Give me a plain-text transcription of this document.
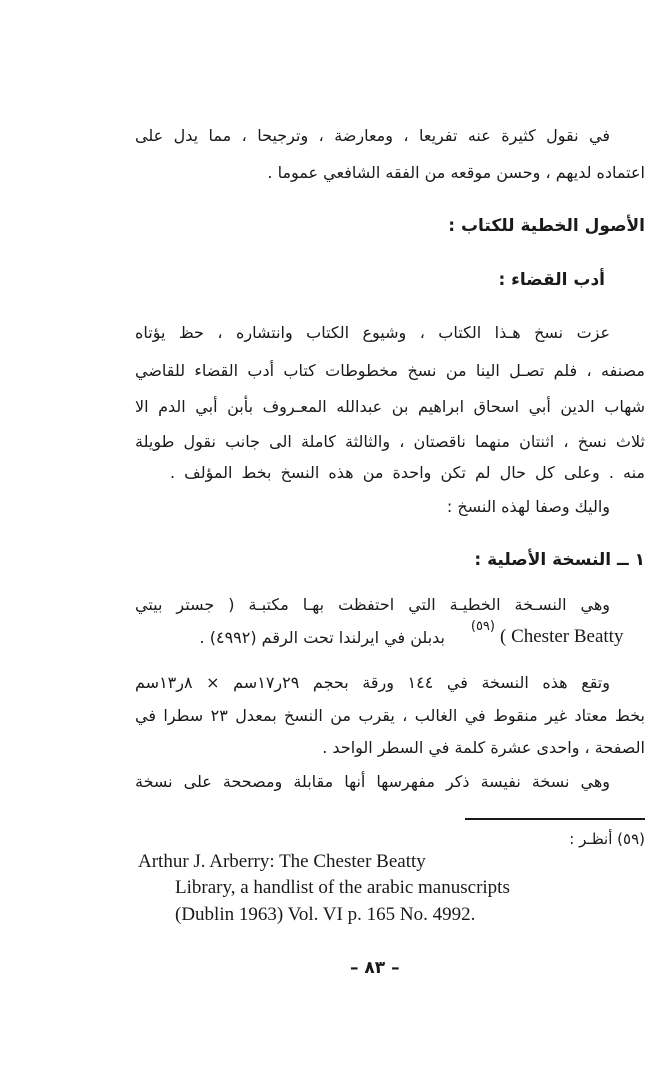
في نقول كثيرة عنه تفريعا ، ومعارضة ، وترجيحا ، مما يدل على
اعتماده لديهم ، وحسن موقعه من الفقه الشافعي عموما .
الأصول الخطية للكتاب :
أدب القضاء :
عزت نسخ هـذا الكتاب ، وشيوع الكتاب وانتشاره ، حظ يؤتاه
مصنفه ، فلم تصـل الينا من نسخ مخطوطات كتاب أدب القضاء للقاضي
شهاب الدين أبي اسحاق ابراهيم بن عبدالله المعـروف بأبن أبي الدم الا
ثلاث نسخ ، اثنتان منهما ناقصتان ، والثالثة كاملة الى جانب نقول طويلة
منه . وعلى كل حال لم تكن واحدة من هذه النسخ بخط المؤلف .
واليك وصفا لهذه النسخ :
١ ــ النسخة الأصلية :
وهي النسـخة الخطيـة التي احتفظت بهـا مكتبـة ( جستر بيتي
( Chester Beatty
(٥٩)
بدبلن في ايرلندا تحت الرقم (٤٩٩٢) .
وتقع هذه النسخة في ١٤٤ ورقة بحجم ٢٩ر١٧سم × ٨ر١٣سم
بخط معتاد غير منقوط في الغالب ، يقرب من النسخ بمعدل ٢٣ سطرا في
الصفحة ، واحدى عشرة كلمة في السطر الواحد .
وهي نسخة نفيسة ذكر مفهرسها أنها مقابلة ومصححة على نسخة
(٥٩) أنظـر :
Arthur J. Arberry: The Chester Beatty
Library, a handlist of the arabic manuscripts
(Dublin 1963) Vol. VI p. 165 No. 4992.
– ٨٣ –
